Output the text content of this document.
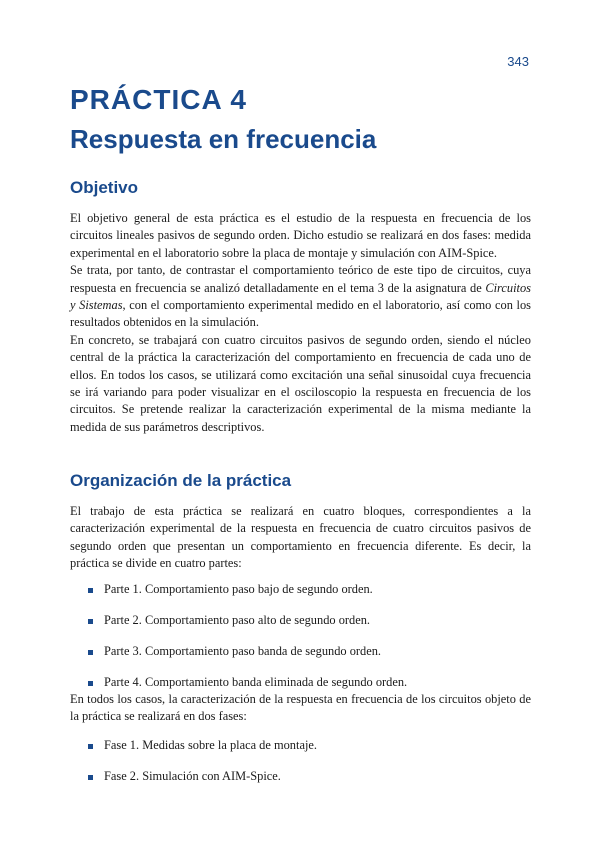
343
PRÁCTICA 4
Respuesta en frecuencia
Objetivo

El objetivo general de esta práctica es el estudio de la respuesta en frecuencia de los circuitos lineales pasivos de segundo orden. Dicho estudio se realizará en dos fases: medida experimental en el laboratorio sobre la placa de montaje y simulación con AIM-Spice.

Se trata, por tanto, de contrastar el comportamiento teórico de este tipo de circuitos, cuya respuesta en frecuencia se analizó detalladamente en el tema 3 de la asignatura de Circuitos y Sistemas, con el comportamiento experimental medido en el laboratorio, así como con los resultados obtenidos en la simulación.

En concreto, se trabajará con cuatro circuitos pasivos de segundo orden, siendo el núcleo central de la práctica la caracterización del comportamiento en frecuencia de cada uno de ellos. En todos los casos, se utilizará como excitación una señal sinusoidal cuya frecuencia se irá variando para poder visualizar en el osciloscopio la respuesta en frecuencia de los circuitos. Se pretende realizar la caracterización experimental de la misma mediante la medida de sus parámetros descriptivos.

Organización de la práctica

El trabajo de esta práctica se realizará en cuatro bloques, correspondientes a la caracterización experimental de la respuesta en frecuencia de cuatro circuitos pasivos de segundo orden que presentan un comportamiento en frecuencia diferente. Es decir, la práctica se divide en cuatro partes:

Parte 1. Comportamiento paso bajo de segundo orden.
Parte 2. Comportamiento paso alto de segundo orden.
Parte 3. Comportamiento paso banda de segundo orden.
Parte 4. Comportamiento banda eliminada de segundo orden.

En todos los casos, la caracterización de la respuesta en frecuencia de los circuitos objeto de la práctica se realizará en dos fases:

Fase 1. Medidas sobre la placa de montaje.
Fase 2. Simulación con AIM-Spice.
